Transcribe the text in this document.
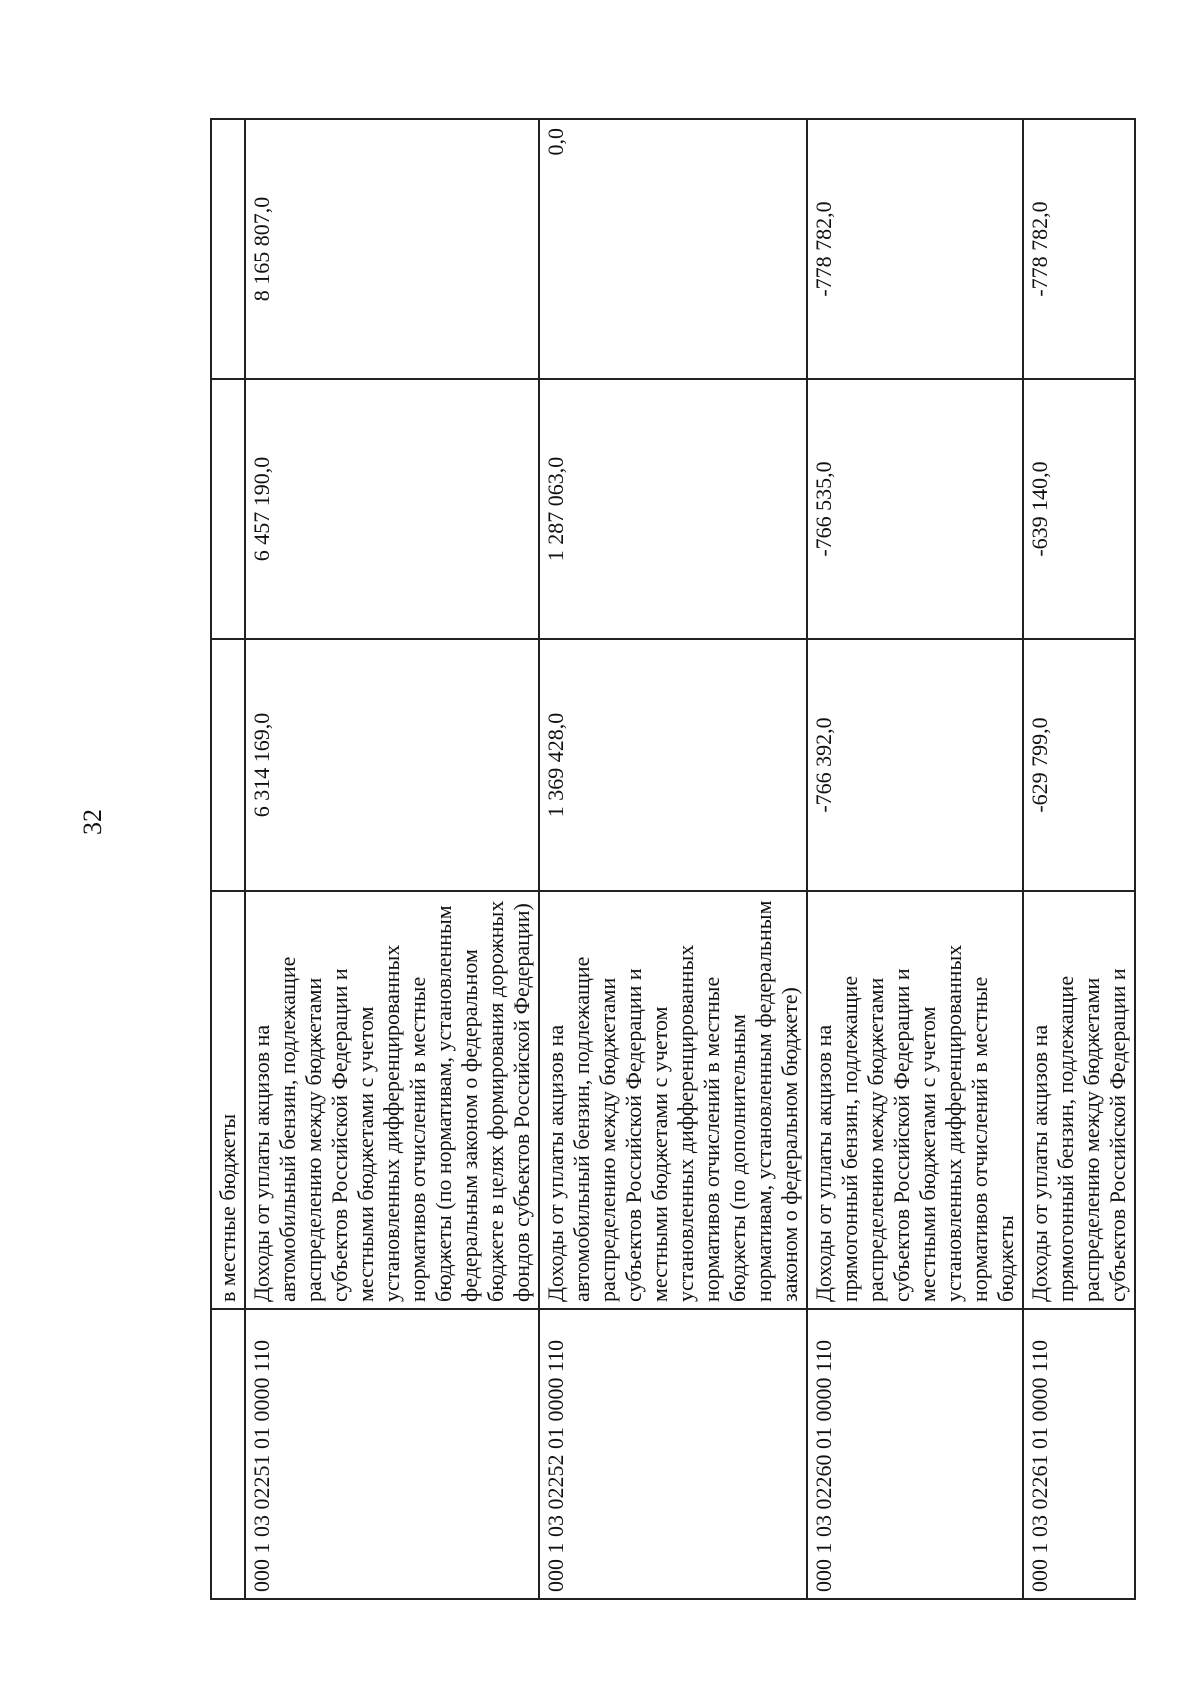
32
	в местные бюджеты			
000 1 03 02251 01 0000 110	Доходы от уплаты акцизов на автомобильный бензин, подлежащие распределению между бюджетами субъектов Российской Федерации и местными бюджетами с учетом установленных дифференцированных нормативов отчислений в местные бюджеты (по нормативам, установленным федеральным законом о федеральном бюджете в целях формирования дорожных фондов субъектов Российской Федерации)	6 314 169,0	6 457 190,0	8 165 807,0
000 1 03 02252 01 0000 110	Доходы от уплаты акцизов на автомобильный бензин, подлежащие распределению между бюджетами субъектов Российской Федерации и местными бюджетами с учетом установленных дифференцированных нормативов отчислений в местные бюджеты (по дополнительным нормативам, установленным федеральным законом о федеральном бюджете)	1 369 428,0	1 287 063,0	0,0
000 1 03 02260 01 0000 110	Доходы от уплаты акцизов на прямогонный бензин, подлежащие распределению между бюджетами субъектов Российской Федерации и местными бюджетами с учетом установленных дифференцированных нормативов отчислений в местные бюджеты	-766 392,0	-766 535,0	-778 782,0
000 1 03 02261 01 0000 110	Доходы от уплаты акцизов на прямогонный бензин, подлежащие распределению между бюджетами субъектов Российской Федерации и	-629 799,0	-639 140,0	-778 782,0
